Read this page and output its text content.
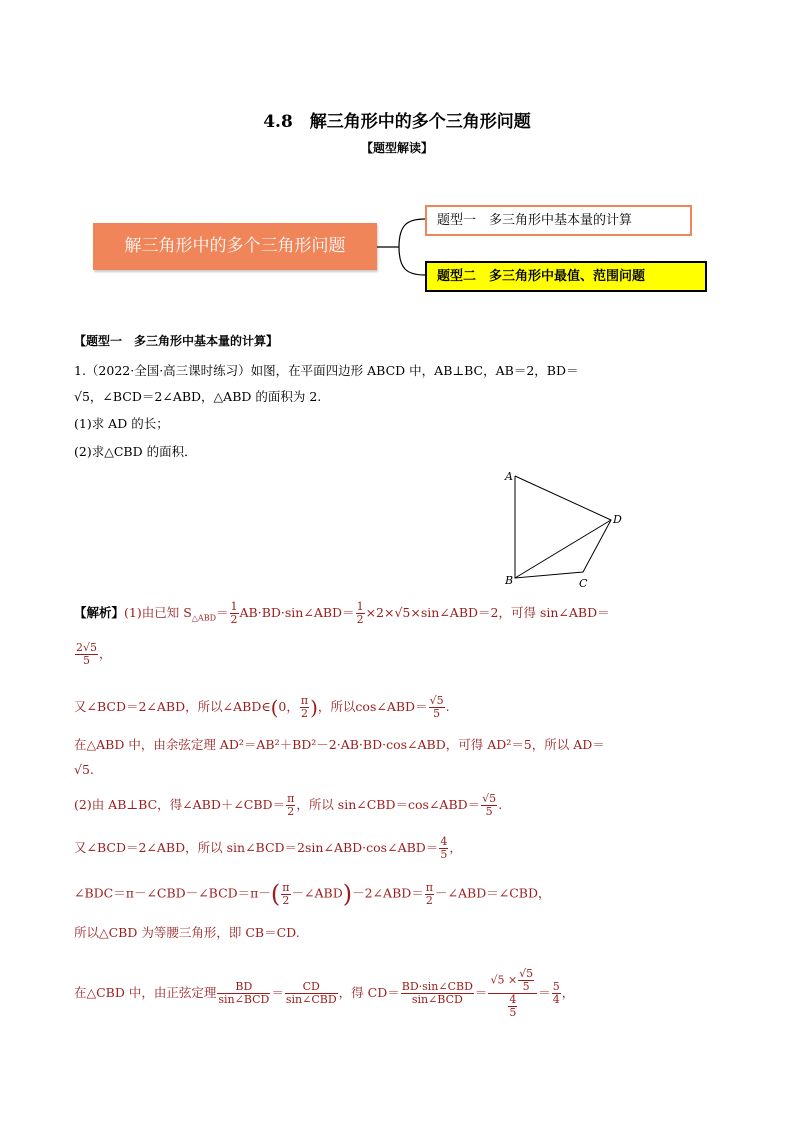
4.8　解三角形中的多个三角形问题
【题型解读】
解三角形中的多个三角形问题
题型一　多三角形中基本量的计算
题型二　多三角形中最值、范围问题
【题型一　多三角形中基本量的计算】
1.（2022·全国·高三课时练习）如图，在平面四边形 ABCD 中，AB⊥BC，AB＝2，BD＝
√5，∠BCD＝2∠ABD，△ABD 的面积为 2.
(1)求 AD 的长；
(2)求△CBD 的面积．
A
B	C
D
【解析】(1)由已知 $S_{\triangle ABD}= \frac{1}{2}$ AB·BD·sin∠ABD＝ $\frac{1}{2}$ ×2×√5×sin∠ABD＝2，可得 sin∠ABD＝
$\frac{2√5}{5}$ ，
又∠BCD＝2∠ABD，所以∠ABD∈(0， $\frac{\pi}{2}$ )，所以cos∠ABD＝ $\frac{√5}{5}$ .
在△ABD 中，由余弦定理 AD²＝AB²＋BD²－2·AB·BD·cos∠ABD，可得 AD²＝5，所以 AD＝
√5.
(2)由 AB⊥BC，得∠ABD＋∠CBD＝ $\frac{\pi}{2}$ ，所以 sin∠CBD＝cos∠ABD＝ $\frac{√5}{5}$ .
又∠BCD＝2∠ABD，所以 sin∠BCD＝2sin∠ABD·cos∠ABD＝ $\frac{4}{5}$ ，
∠BDC＝π－∠CBD－∠BCD＝π－( $\frac{\pi}{2}$ －∠ABD)－2∠ABD＝ $\frac{\pi}{2}$ －∠ABD＝∠CBD，
所以△CBD 为等腰三角形，即 CB＝CD.
在△CBD 中，由正弦定理 $\frac{BD}{\text{sin∠BCD}} = \frac{CD}{\text{sin∠CBD}}$ ，得 $CD= \frac{\text{BD·sin∠CBD}}{\text{sin∠BCD}} = \frac{√5 \times \frac{√5}{5}}{\frac{4}{5}} = \frac{5}{4}$ ，
